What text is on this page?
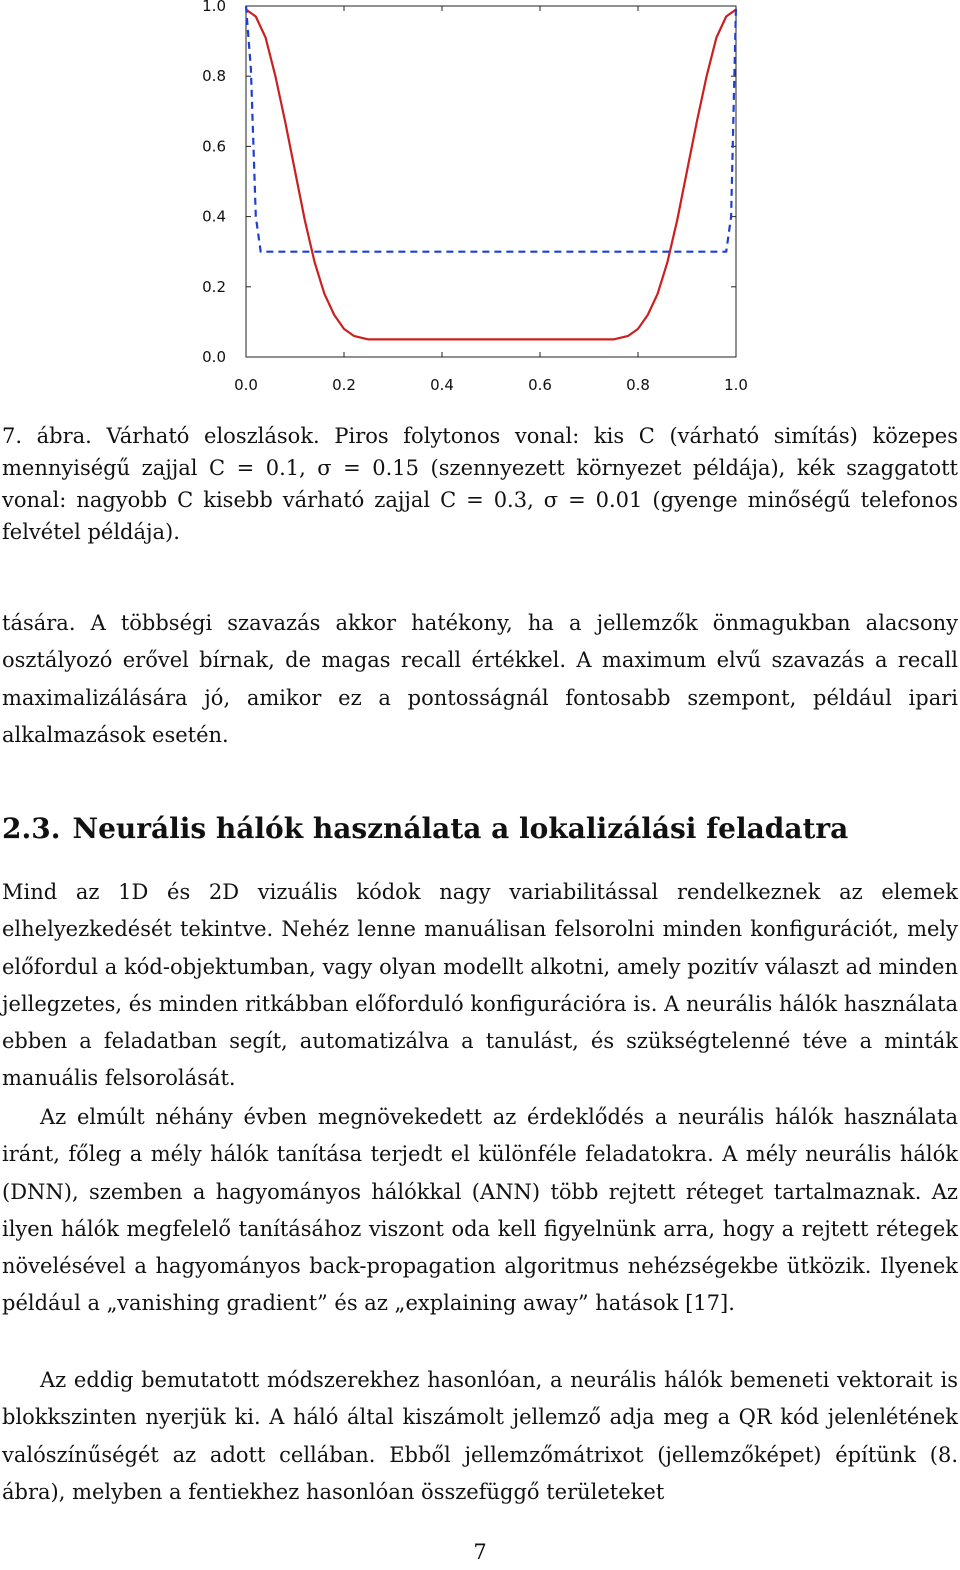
0.0
0.2
0.4
0.6
0.8
1.0
0.0	0.2	0.4	0.6	0.8	1.0
7. ábra. Várható eloszlások. Piros folytonos vonal: kis C (várható simítás) közepes mennyiségű zajjal C = 0.1, σ = 0.15 (szennyezett környezet példája), kék szaggatott vonal: nagyobb C kisebb várható zajjal C = 0.3, σ = 0.01 (gyenge minőségű telefonos felvétel példája).

tására. A többségi szavazás akkor hatékony, ha a jellemzők önmagukban alacsony osztályozó erővel bírnak, de magas recall értékkel. A maximum elvű szavazás a recall maximalizálására jó, amikor ez a pontosságnál fontosabb szempont, például ipari alkalmazások esetén.

2.3. Neurális hálók használata a lokalizálási feladatra

Mind az 1D és 2D vizuális kódok nagy variabilitással rendelkeznek az elemek elhelyezkedését tekintve. Nehéz lenne manuálisan felsorolni minden konfigurációt, mely előfordul a kód-objektumban, vagy olyan modellt alkotni, amely pozitív választ ad minden jellegzetes, és minden ritkábban előforduló konfigurációra is. A neurális hálók használata ebben a feladatban segít, automatizálva a tanulást, és szükségtelenné téve a minták manuális felsorolását.

Az elmúlt néhány évben megnövekedett az érdeklődés a neurális hálók használata iránt, főleg a mély hálók tanítása terjedt el különféle feladatokra. A mély neurális hálók (DNN), szemben a hagyományos hálókkal (ANN) több rejtett réteget tartalmaznak. Az ilyen hálók megfelelő tanításához viszont oda kell figyelnünk arra, hogy a rejtett rétegek növelésével a hagyományos back-propagation algoritmus nehézségekbe ütközik. Ilyenek például a „vanishing gradient” és az „explaining away” hatások [17].

Az eddig bemutatott módszerekhez hasonlóan, a neurális hálók bemeneti vektorait is blokkszinten nyerjük ki. A háló által kiszámolt jellemző adja meg a QR kód jelenlétének valószínűségét az adott cellában. Ebből jellemzőmátrixot (jellemzőképet) építünk (8. ábra), melyben a fentiekhez hasonlóan összefüggő területeket

7
